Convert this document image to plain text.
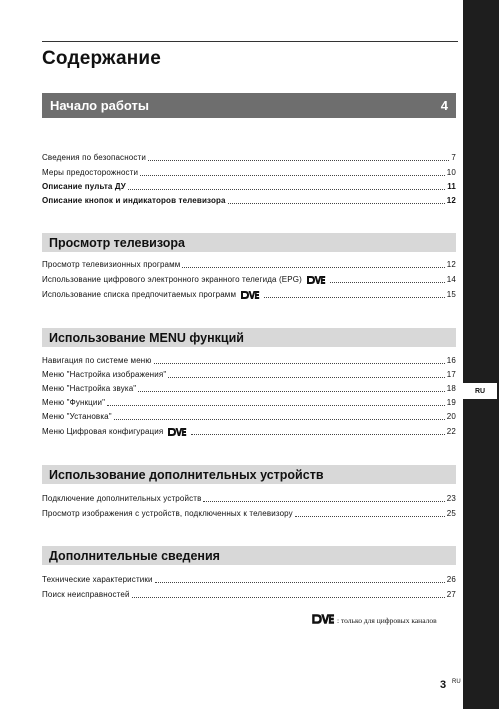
RU
Содержание
Начало работы	4
Сведения по безопасности	7
Меры предосторожности	10
Описание пульта ДУ	11
Описание кнопок и индикаторов телевизора	12
Просмотр телевизора
Просмотр телевизионных программ	12
Использование цифрового электронного экранного телегида (EPG)	14
Использование списка предпочитаемых программ	15
Использование MENU функций
Навигация по системе меню	16
Меню "Настройка изображения"	17
Меню "Настройка звука"	18
Меню "Функции"	19
Меню "Установка"	20
Меню Цифровая конфигурация	22
Использование дополнительных устройств
Подключение дополнительных устройств	23
Просмотр изображения с устройств, подключенных к телевизору	25
Дополнительные сведения
Технические характеристики	26
Поиск неисправностей	27
: только для цифровых каналов
3 RU
